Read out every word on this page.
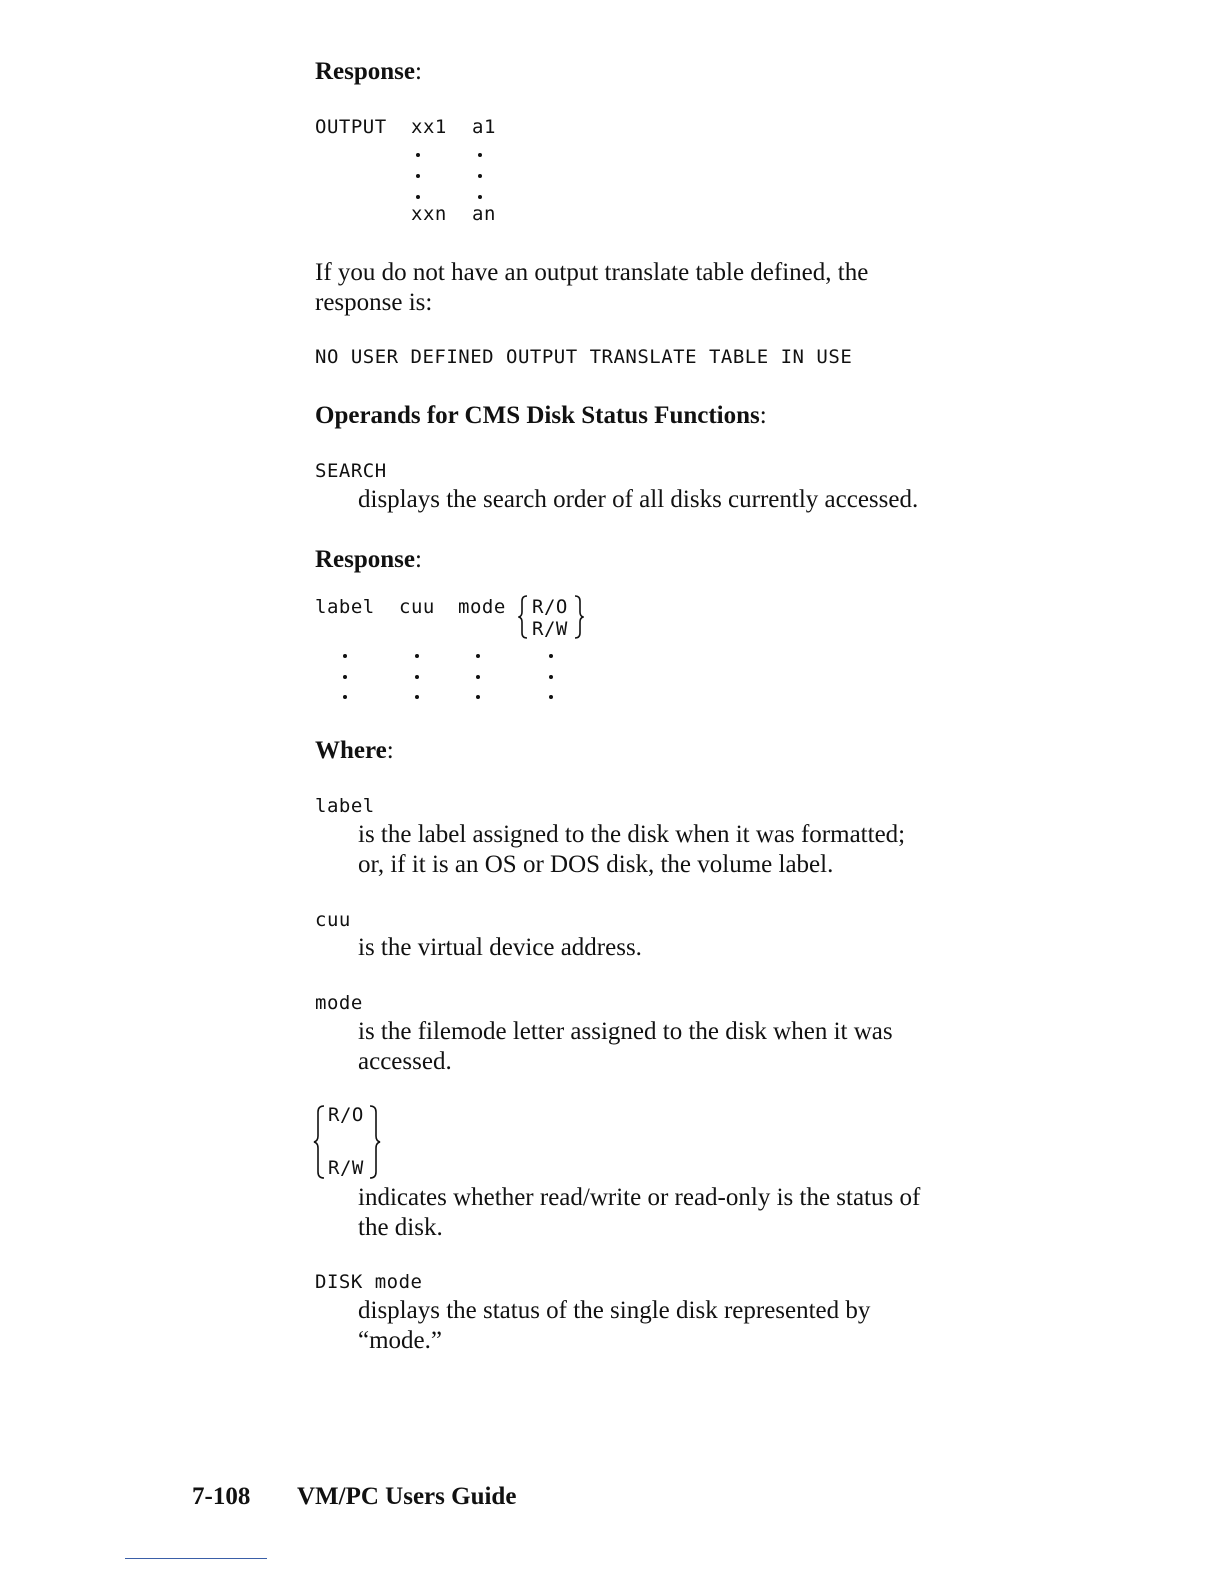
Response:
OUTPUT xx1 a1
xxn an
If you do not have an output translate table defined, the
response is:
NO USER DEFINED OUTPUT TRANSLATE TABLE IN USE
Operands for CMS Disk Status Functions:
SEARCH
displays the search order of all disks currently accessed.
Response:
label cuu mode R/O
R/W
Where:
label
is the label assigned to the disk when it was formatted;
or, if it is an OS or DOS disk, the volume label.
cuu
is the virtual device address.
mode
is the filemode letter assigned to the disk when it was
accessed.
R/O
R/W
indicates whether read/write or read-only is the status of
the disk.
DISK mode
displays the status of the single disk represented by
“mode.”
7-108 VM/PC Users Guide
